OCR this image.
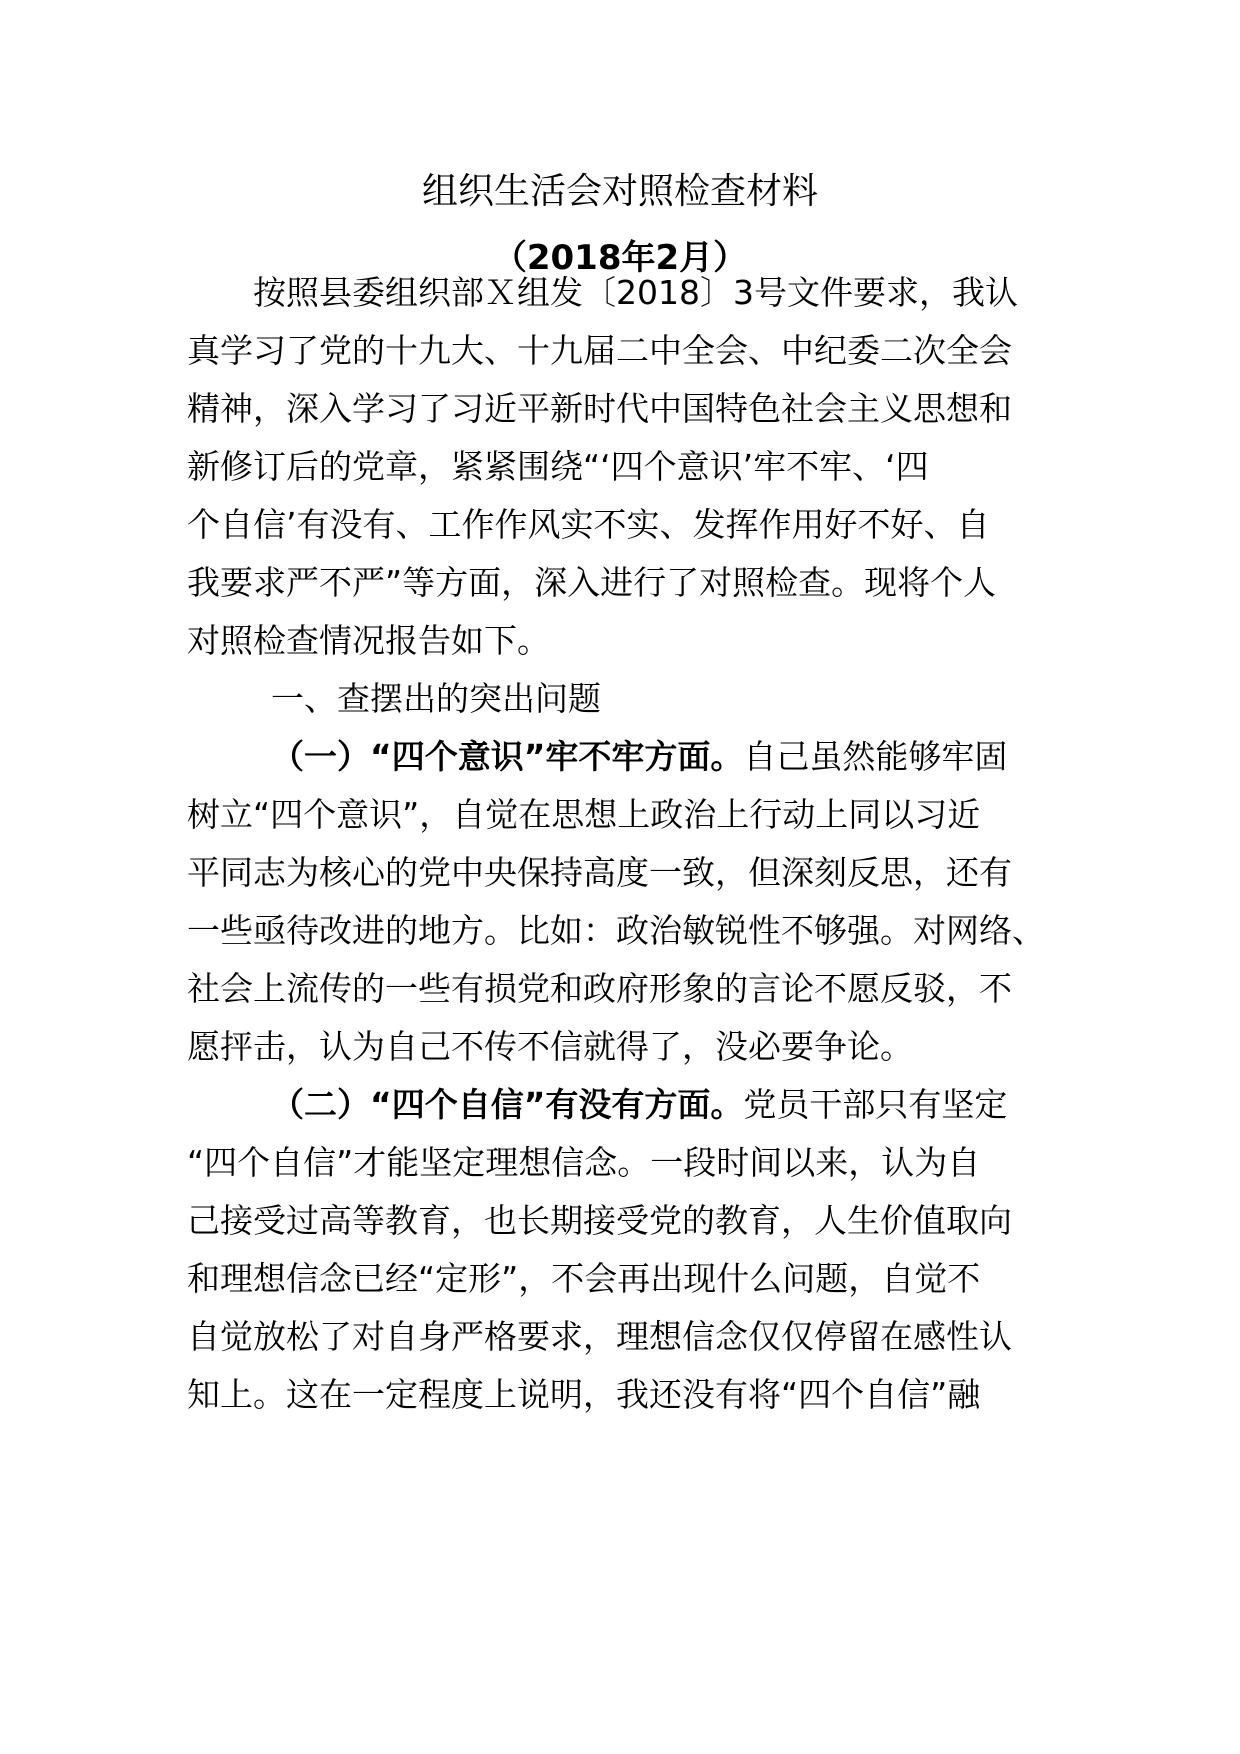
组织生活会对照检查材料
（2018年2月）
按照县委组织部Ｘ组发〔2018〕3号文件要求，我认
真学习了党的十九大、十九届二中全会、中纪委二次全会
精神，深入学习了习近平新时代中国特色社会主义思想和
新修订后的党章，紧紧围绕“‘四个意识’牢不牢、‘四
个自信’有没有、工作作风实不实、发挥作用好不好、自
我要求严不严”等方面，深入进行了对照检查。现将个人
对照检查情况报告如下。
一、查摆出的突出问题
（一）“四个意识”牢不牢方面。自己虽然能够牢固
树立“四个意识”，自觉在思想上政治上行动上同以习近
平同志为核心的党中央保持高度一致，但深刻反思，还有
一些亟待改进的地方。比如：政治敏锐性不够强。对网络、
社会上流传的一些有损党和政府形象的言论不愿反驳，不
愿抨击，认为自己不传不信就得了，没必要争论。
（二）“四个自信”有没有方面。党员干部只有坚定
“四个自信”才能坚定理想信念。一段时间以来，认为自
己接受过高等教育，也长期接受党的教育，人生价值取向
和理想信念已经“定形”，不会再出现什么问题，自觉不
自觉放松了对自身严格要求，理想信念仅仅停留在感性认
知上。这在一定程度上说明，我还没有将“四个自信”融
